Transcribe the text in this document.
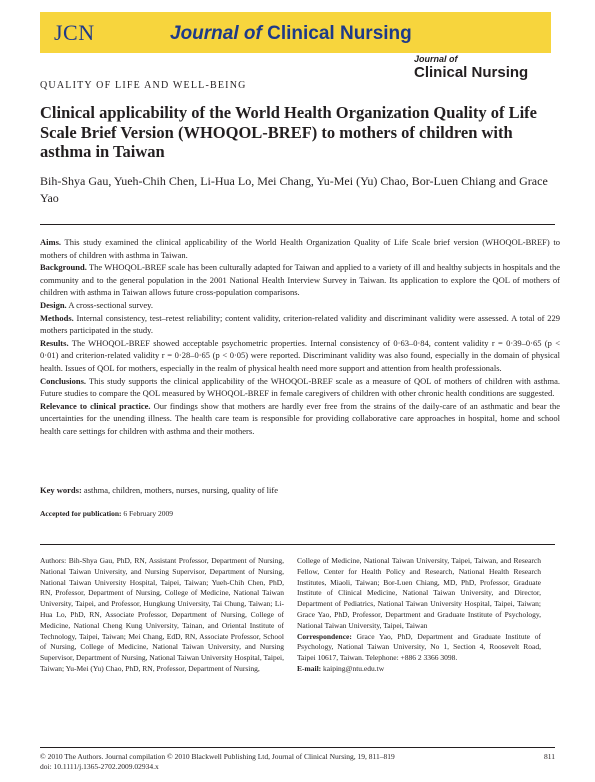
JCN	Journal of Clinical Nursing
QUALITY OF LIFE AND WELL-BEING
Journal of
Clinical Nursing
Clinical applicability of the World Health Organization Quality of Life Scale Brief Version (WHOQOL-BREF) to mothers of children with asthma in Taiwan
Bih-Shya Gau, Yueh-Chih Chen, Li-Hua Lo, Mei Chang, Yu-Mei (Yu) Chao, Bor-Luen Chiang and Grace Yao

Aims. This study examined the clinical applicability of the World Health Organization Quality of Life Scale brief version (WHOQOL-BREF) to mothers of children with asthma in Taiwan.

Background. The WHOQOL-BREF scale has been culturally adapted for Taiwan and applied to a variety of ill and healthy subjects in hospitals and the community and to the general population in the 2001 National Health Interview Survey in Taiwan. Its application to explore the QOL of mothers of children with asthma in Taiwan allows future cross-population comparisons.

Design. A cross-sectional survey.

Methods. Internal consistency, test–retest reliability; content validity, criterion-related validity and discriminant validity were assessed. A total of 229 mothers participated in the study.

Results. The WHOQOL-BREF showed acceptable psychometric properties. Internal consistency of 0·63–0·84, content validity r = 0·39–0·65 (p < 0·01) and criterion-related validity r = 0·28–0·65 (p < 0·05) were reported. Discriminant validity was also found, especially in the domain of physical health. Issues of QOL for mothers, especially in the realm of physical health need more support and attention from health professionals.

Conclusions. This study supports the clinical applicability of the WHOQOL-BREF scale as a measure of QOL of mothers of children with asthma. Future studies to compare the QOL measured by WHOQOL-BREF in female caregivers of children with other chronic health conditions are suggested.

Relevance to clinical practice. Our findings show that mothers are hardly ever free from the strains of the daily-care of an asthmatic and bear the uncertainties for the unending illness. The health care team is responsible for providing collaborative care approaches in hospital, home and school health care settings for children with asthma and their mothers.

Key words: asthma, children, mothers, nurses, nursing, quality of life
Accepted for publication: 6 February 2009

Authors: Bih-Shya Gau, PhD, RN, Assistant Professor, Department of Nursing, National Taiwan University, and Nursing Supervisor, Department of Nursing, National Taiwan University Hospital, Taipei, Taiwan; Yueh-Chih Chen, PhD, RN, Professor, Department of Nursing, College of Medicine, National Taiwan University, Taipei, and Professor, Hungkung University, Tai Chung, Taiwan; Li-Hua Lo, PhD, RN, Associate Professor, Department of Nursing, College of Medicine, National Cheng Kung University, Tainan, and Oriental Institute of Technology, Taipei, Taiwan; Mei Chang, EdD, RN, Associate Professor, School of Nursing, College of Medicine, National Taiwan University, and Nursing Supervisor, Department of Nursing, National Taiwan University Hospital, Taipei, Taiwan; Yu-Mei (Yu) Chao, PhD, RN, Professor, Department of Nursing,

College of Medicine, National Taiwan University, Taipei, Taiwan, and Research Fellow, Center for Health Policy and Research, National Health Research Institutes, Miaoli, Taiwan; Bor-Luen Chiang, MD, PhD, Professor, Graduate Institute of Clinical Medicine, National Taiwan University, and Director, Department of Pediatrics, National Taiwan University Hospital, Taipei, Taiwan; Grace Yao, PhD, Professor, Department and Graduate Institute of Psychology, National Taiwan University, Taipei, Taiwan

Correspondence: Grace Yao, PhD, Department and Graduate Institute of Psychology, National Taiwan University, No 1, Section 4, Roosevelt Road, Taipei 10617, Taiwan. Telephone: +886 2 3366 3098.

E-mail: kaiping@ntu.edu.tw

© 2010 The Authors. Journal compilation © 2010 Blackwell Publishing Ltd, Journal of Clinical Nursing, 19, 811–819
doi: 10.1111/j.1365-2702.2009.02934.x
811
